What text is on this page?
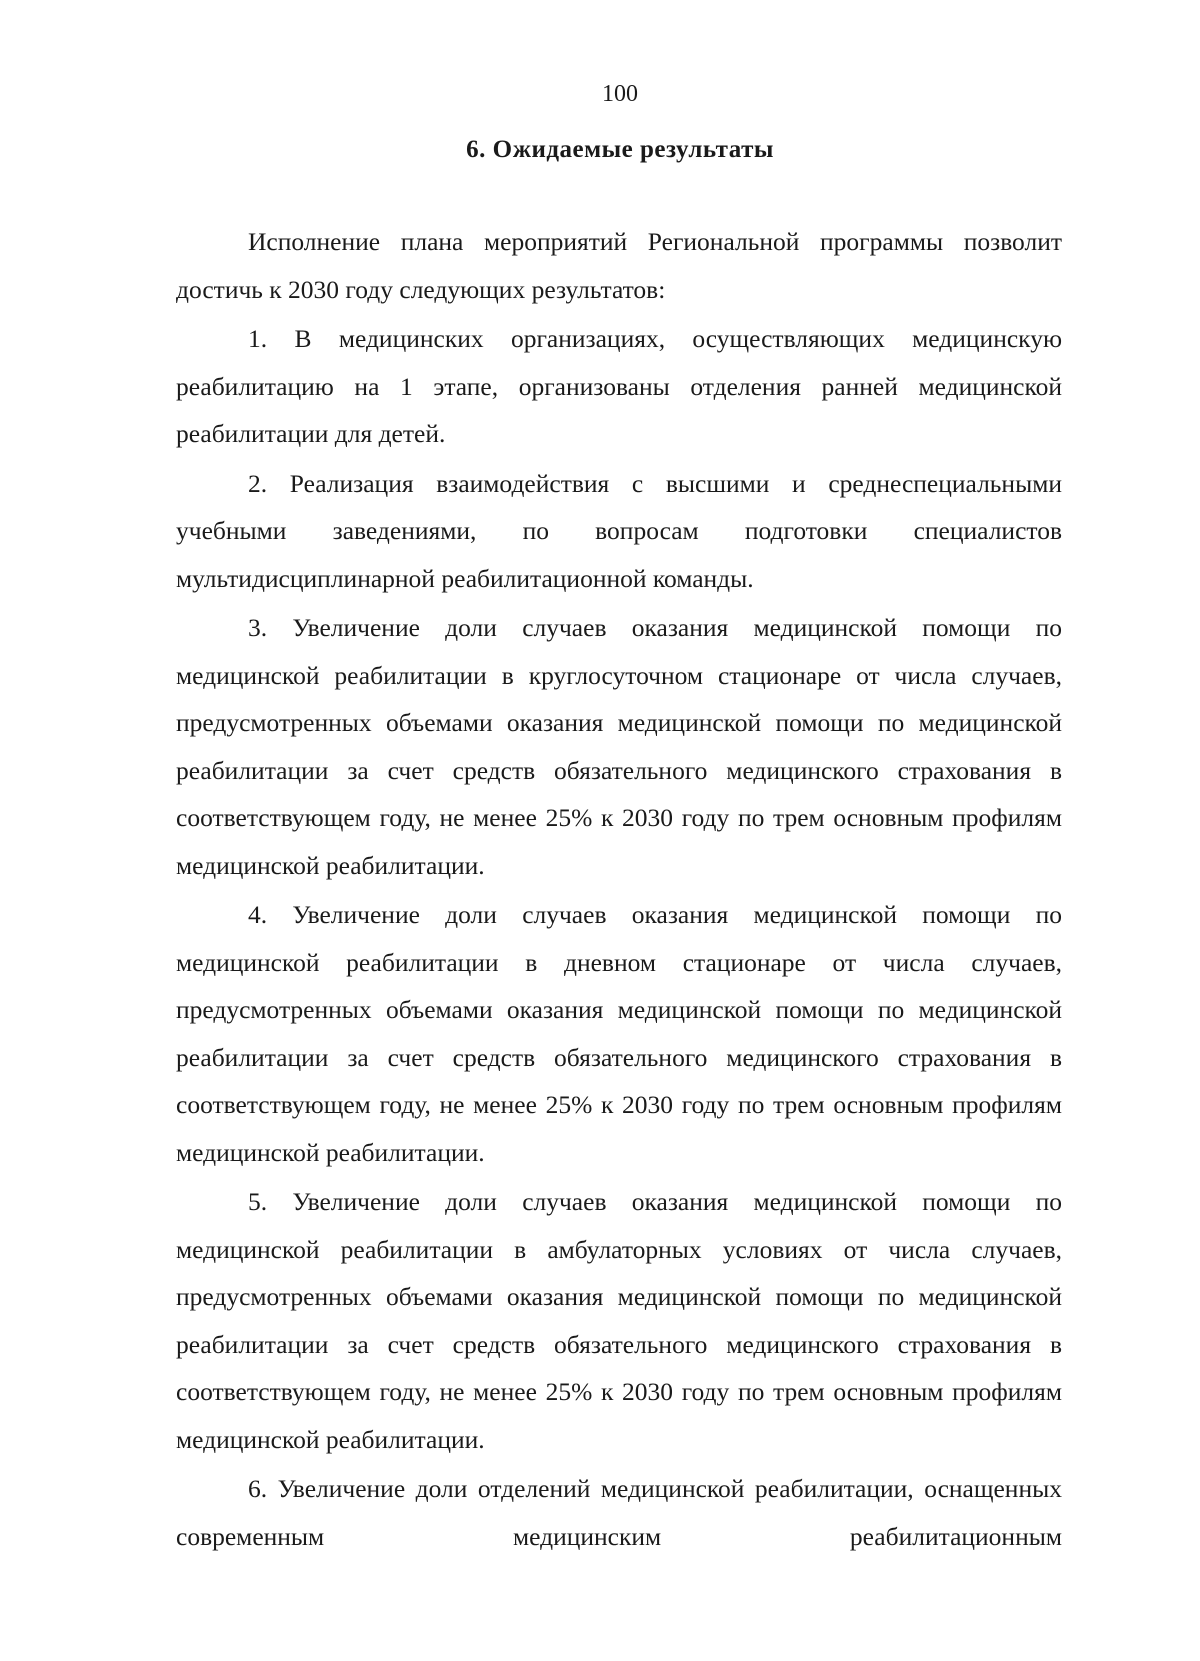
100
6. Ожидаемые результаты

Исполнение плана мероприятий Региональной программы позволит достичь к 2030 году следующих результатов:

1. В медицинских организациях, осуществляющих медицинскую реабилитацию на 1 этапе, организованы отделения ранней медицинской реабилитации для детей.

2. Реализация взаимодействия с высшими и среднеспециальными учебными заведениями, по вопросам подготовки специалистов мультидисциплинарной реабилитационной команды.

3. Увеличение доли случаев оказания медицинской помощи по медицинской реабилитации в круглосуточном стационаре от числа случаев, предусмотренных объемами оказания медицинской помощи по медицинской реабилитации за счет средств обязательного медицинского страхования в соответствующем году, не менее 25% к 2030 году по трем основным профилям медицинской реабилитации.

4. Увеличение доли случаев оказания медицинской помощи по медицинской реабилитации в дневном стационаре от числа случаев, предусмотренных объемами оказания медицинской помощи по медицинской реабилитации за счет средств обязательного медицинского страхования в соответствующем году, не менее 25% к 2030 году по трем основным профилям медицинской реабилитации.

5. Увеличение доли случаев оказания медицинской помощи по медицинской реабилитации в амбулаторных условиях от числа случаев, предусмотренных объемами оказания медицинской помощи по медицинской реабилитации за счет средств обязательного медицинского страхования в соответствующем году, не менее 25% к 2030 году по трем основным профилям медицинской реабилитации.

6. Увеличение доли отделений медицинской реабилитации, оснащенных современным медицинским реабилитационным
